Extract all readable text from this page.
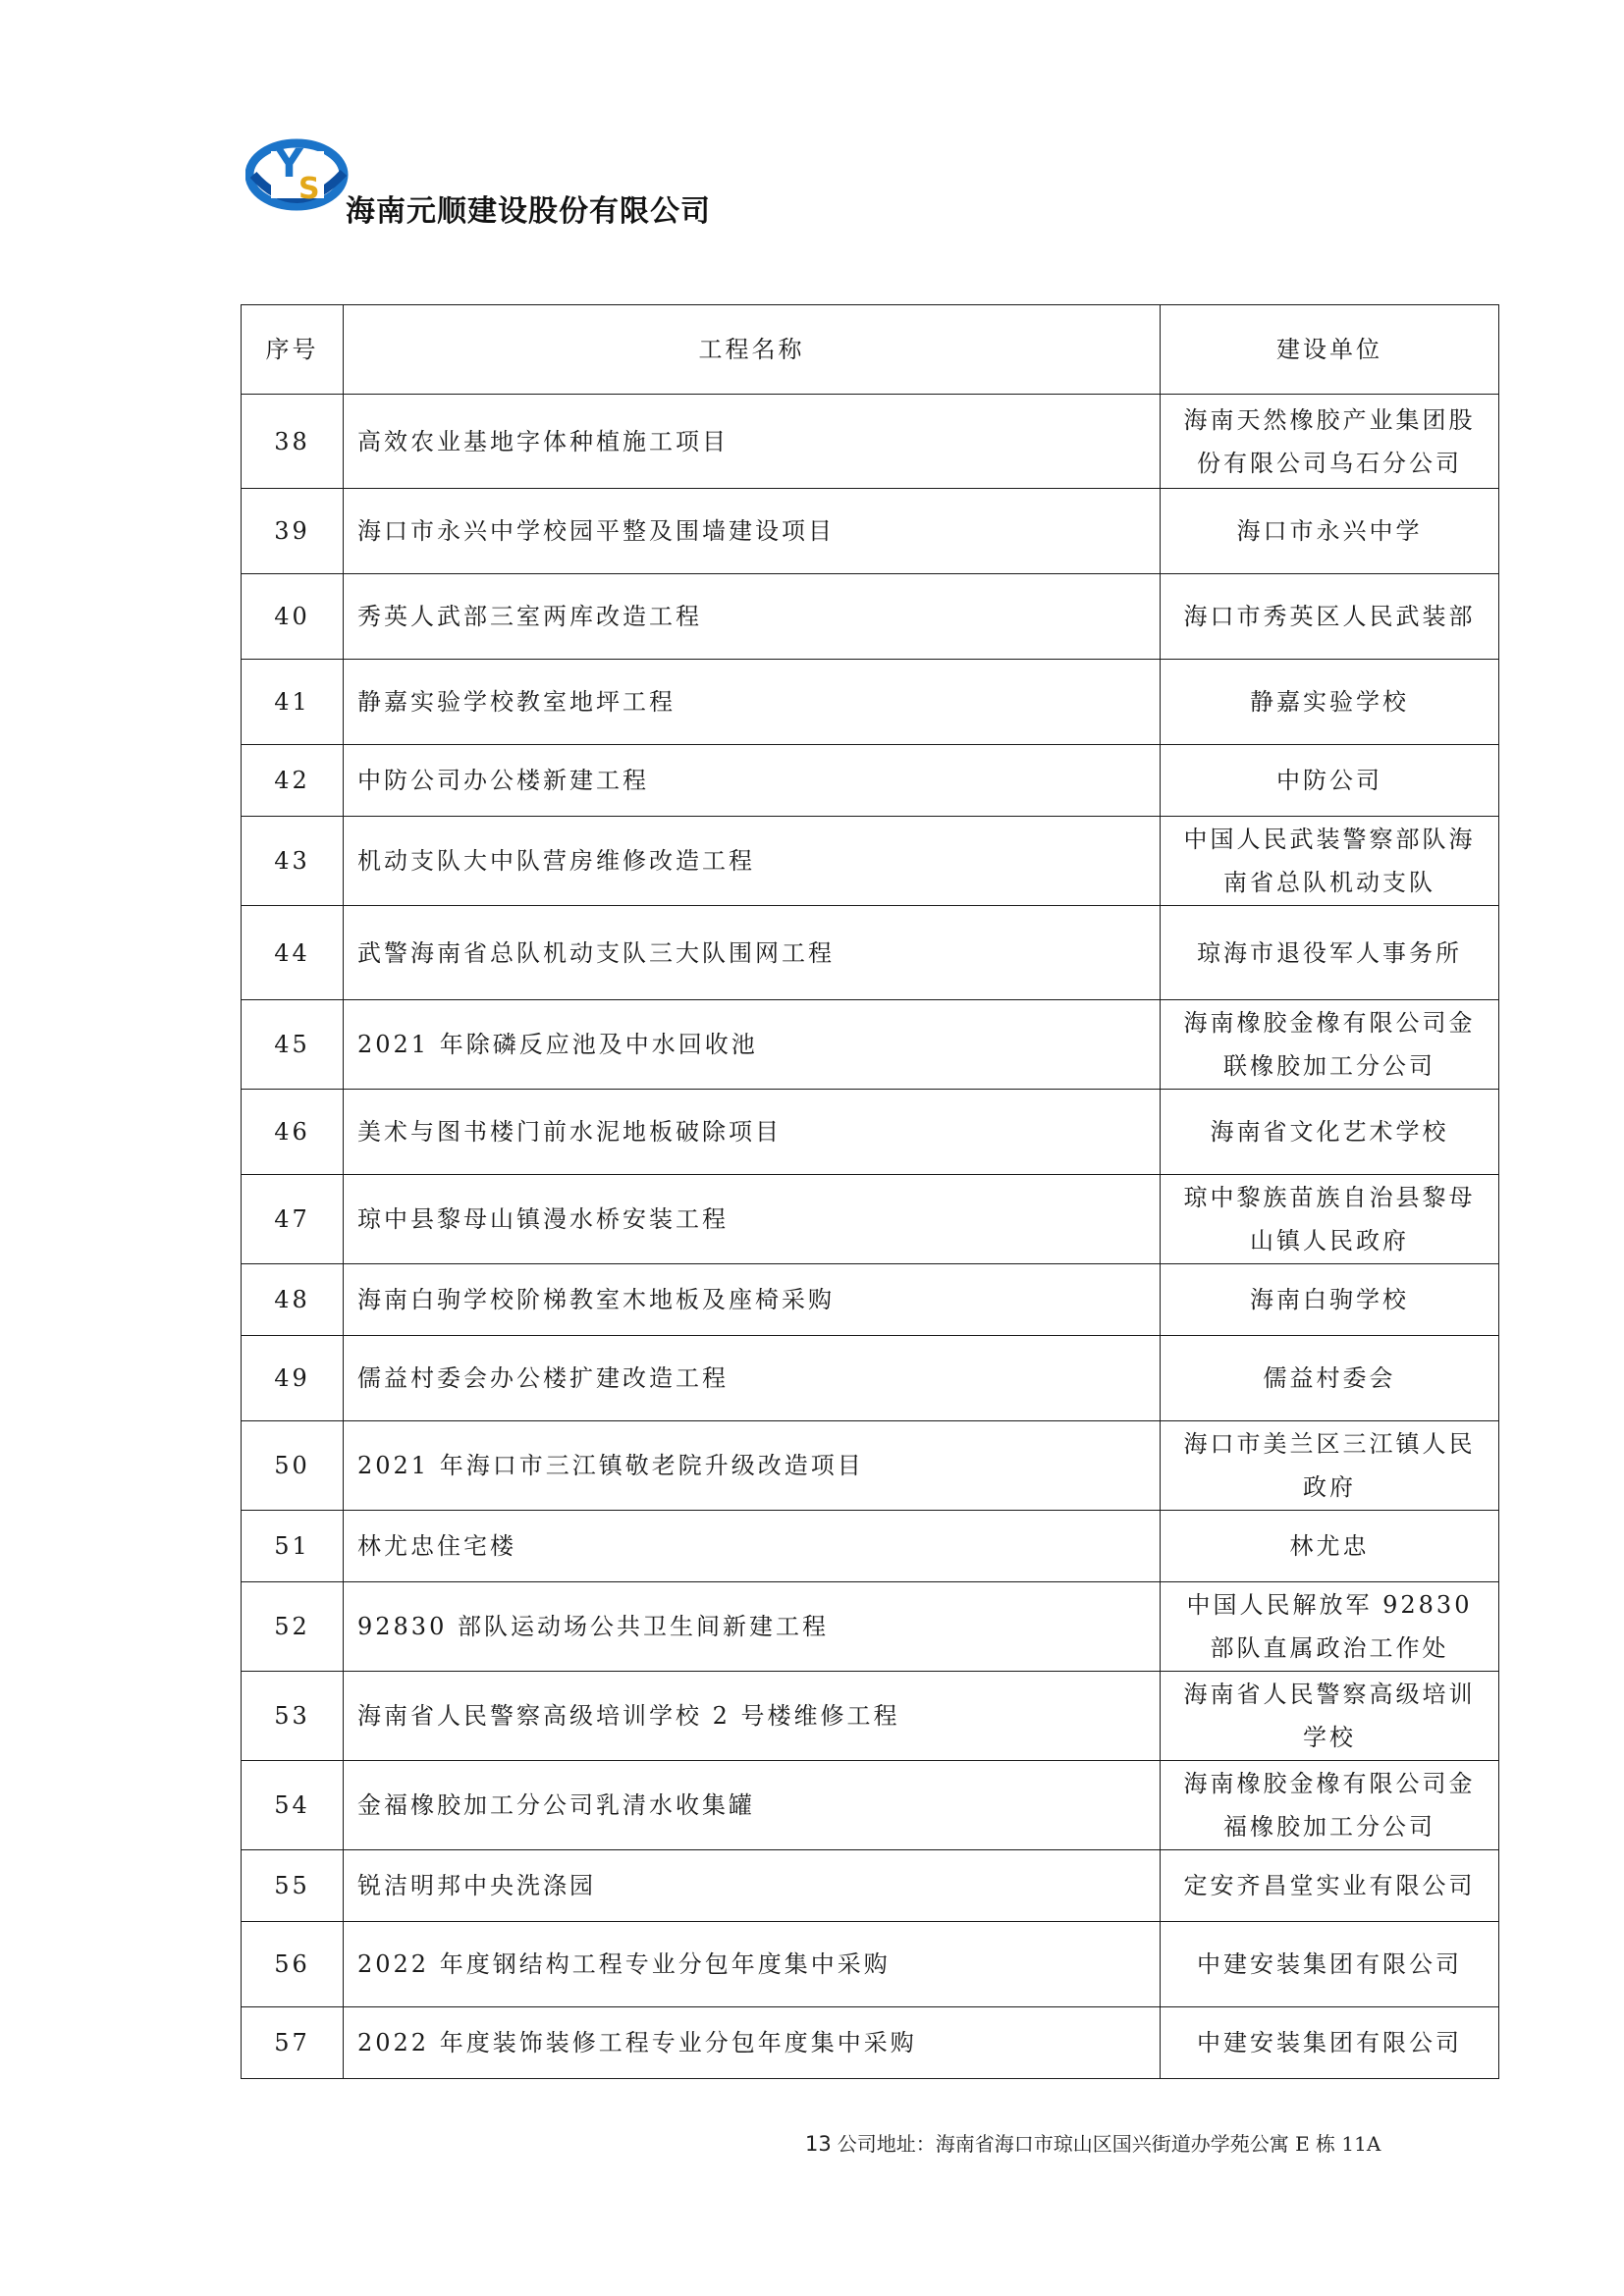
Y
S
海南元顺建设股份有限公司
序号	工程名称	建设单位
38	高效农业基地字体种植施工项目	海南天然橡胶产业集团股份有限公司乌石分公司
39	海口市永兴中学校园平整及围墙建设项目	海口市永兴中学
40	秀英人武部三室两库改造工程	海口市秀英区人民武装部
41	静嘉实验学校教室地坪工程	静嘉实验学校
42	中防公司办公楼新建工程	中防公司
43	机动支队大中队营房维修改造工程	中国人民武装警察部队海南省总队机动支队
44	武警海南省总队机动支队三大队围网工程	琼海市退役军人事务所
45	2021 年除磷反应池及中水回收池	海南橡胶金橡有限公司金联橡胶加工分公司
46	美术与图书楼门前水泥地板破除项目	海南省文化艺术学校
47	琼中县黎母山镇漫水桥安装工程	琼中黎族苗族自治县黎母山镇人民政府
48	海南白驹学校阶梯教室木地板及座椅采购	海南白驹学校
49	儒益村委会办公楼扩建改造工程	儒益村委会
50	2021 年海口市三江镇敬老院升级改造项目	海口市美兰区三江镇人民政府
51	林尤忠住宅楼	林尤忠
52	92830 部队运动场公共卫生间新建工程	中国人民解放军 92830 部队直属政治工作处
53	海南省人民警察高级培训学校 2 号楼维修工程	海南省人民警察高级培训学校
54	金福橡胶加工分公司乳清水收集罐	海南橡胶金橡有限公司金福橡胶加工分公司
55	锐洁明邦中央洗涤园	定安齐昌堂实业有限公司
56	2022 年度钢结构工程专业分包年度集中采购	中建安装集团有限公司
57	2022 年度装饰装修工程专业分包年度集中采购	中建安装集团有限公司
13 公司地址：海南省海口市琼山区国兴街道办学苑公寓 E 栋 11A
